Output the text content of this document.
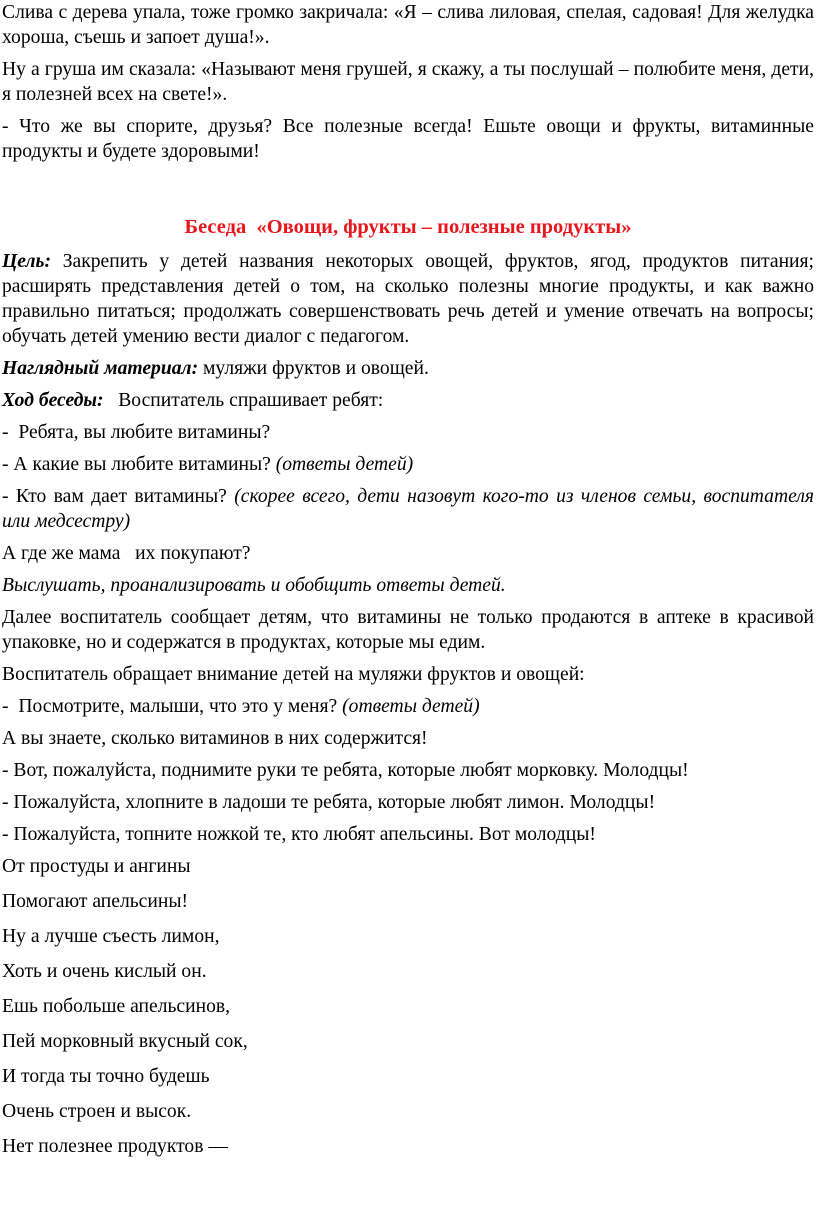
Слива с дерева упала, тоже громко закричала: «Я – слива лиловая, спелая, садовая! Для желудка хороша, съешь и запоет душа!».

Ну а груша им сказала: «Называют меня грушей, я скажу, а ты послушай – полюбите меня, дети, я полезней всех на свете!».

- Что же вы спорите, друзья? Все полезные всегда! Ешьте овощи и фрукты, витаминные продукты и будете здоровыми!

Беседа  «Овощи, фрукты – полезные продукты»

Цель: Закрепить у детей названия некоторых овощей, фруктов, ягод, продуктов питания; расширять представления детей о том, на сколько полезны многие продукты, и как важно правильно питаться; продолжать совершенствовать речь детей и умение отвечать на вопросы; обучать детей умению вести диалог с педагогом.

Наглядный материал: муляжи фруктов и овощей.

Ход беседы:   Воспитатель спрашивает ребят:

-  Ребята, вы любите витамины?

- А какие вы любите витамины? (ответы детей)

- Кто вам дает витамины? (скорее всего, дети назовут кого-то из членов семьи, воспитателя или медсестру)

А где же мама   их покупают?

Выслушать, проанализировать и обобщить ответы детей.

Далее воспитатель сообщает детям, что витамины не только продаются в аптеке в красивой упаковке, но и содержатся в продуктах, которые мы едим.

Воспитатель обращает внимание детей на муляжи фруктов и овощей:

-  Посмотрите, малыши, что это у меня? (ответы детей)

А вы знаете, сколько витаминов в них содержится!

- Вот, пожалуйста, поднимите руки те ребята, которые любят морковку. Молодцы!

- Пожалуйста, хлопните в ладоши те ребята, которые любят лимон. Молодцы!

- Пожалуйста, топните ножкой те, кто любят апельсины. Вот молодцы!

От простуды и ангины

Помогают апельсины!

Ну а лучше съесть лимон,

Хоть и очень кислый он.

Ешь побольше апельсинов,

Пей морковный вкусный сок,

И тогда ты точно будешь

Очень строен и высок.

Нет полезнее продуктов —
